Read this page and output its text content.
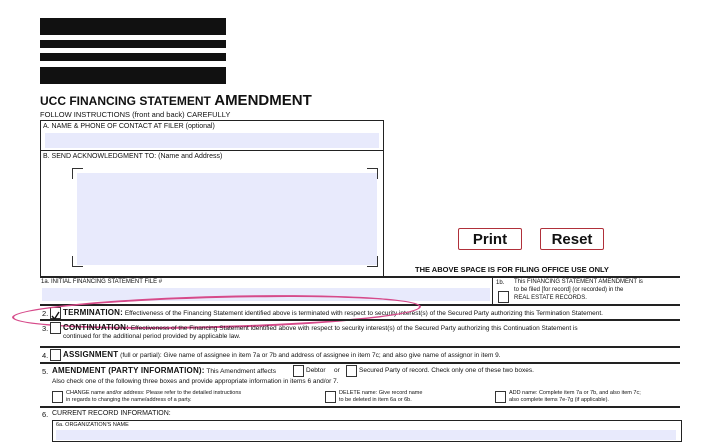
UCC FINANCING STATEMENT AMENDMENT
FOLLOW INSTRUCTIONS (front and back) CAREFULLY
A. NAME & PHONE OF CONTACT AT FILER (optional)
B. SEND ACKNOWLEDGMENT TO: (Name and Address)
Print	Reset
THE ABOVE SPACE IS FOR FILING OFFICE USE ONLY
1a. INITIAL FINANCING STATEMENT FILE #	1b. This FINANCING STATEMENT AMENDMENT is
to be filed [for record] (or recorded) in the
REAL ESTATE RECORDS.
2. TERMINATION: Effectiveness of the Financing Statement identified above is terminated with respect to security interest(s) of the Secured Party authorizing this Termination Statement.
3. CONTINUATION: Effectiveness of the Financing Statement identified above with respect to security interest(s) of the Secured Party authorizing this Continuation Statement is
continued for the additional period provided by applicable law.
4. ASSIGNMENT (full or partial): Give name of assignee in item 7a or 7b and address of assignee in item 7c; and also give name of assignor in item 9.
5. AMENDMENT (PARTY INFORMATION): This Amendment affects	Debtor or	Secured Party of record. Check only one of these two boxes.
Also check one of the following three boxes and provide appropriate information in items 6 and/or 7.
CHANGE name and/or address: Please refer to the detailed instructions
in regards to changing the name/address of a party.
DELETE name: Give record name
to be deleted in item 6a or 6b.
ADD name: Complete item 7a or 7b, and also item 7c;
also complete items 7e-7g (if applicable).
6. CURRENT RECORD INFORMATION:
6a. ORGANIZATION'S NAME
